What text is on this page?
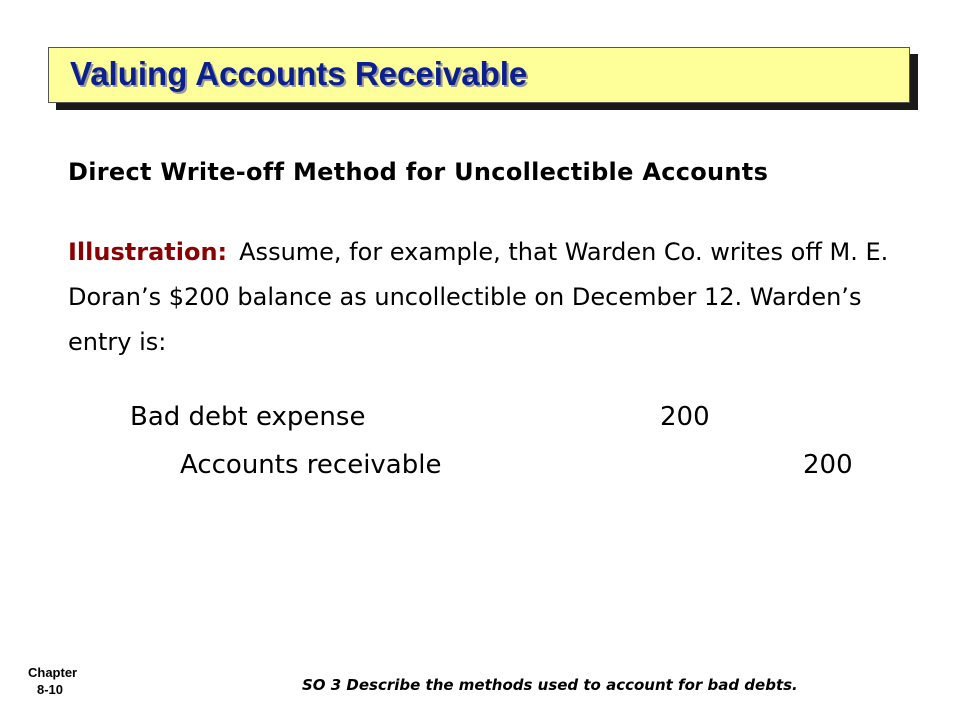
Valuing Accounts Receivable
Direct Write-off Method for Uncollectible Accounts
Illustration: Assume, for example, that Warden Co. writes off M. E. Doran’s $200 balance as uncollectible on December 12. Warden’s entry is:
Bad debt expense	200
Accounts receivable	200
Chapter
8-10	SO 3 Describe the methods used to account for bad debts.
